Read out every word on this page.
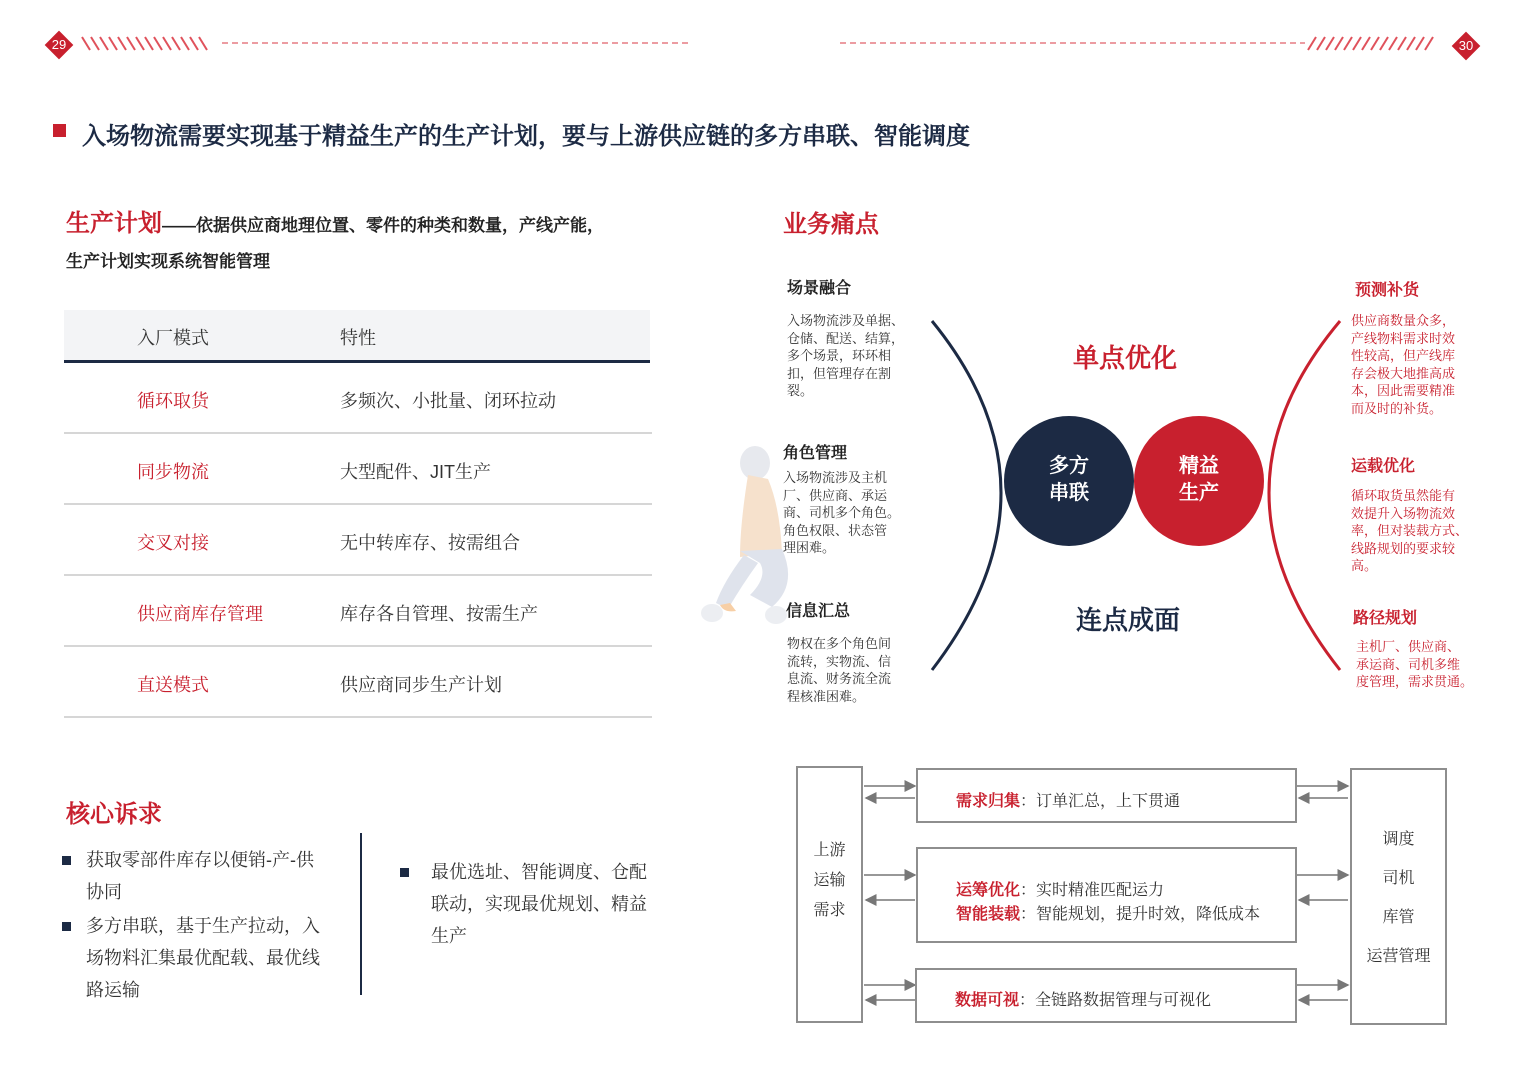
29	30
入场物流需要实现基于精益生产的生产计划，要与上游供应链的多方串联、智能调度
生产计划——依据供应商地理位置、零件的种类和数量，产线产能，
生产计划实现系统智能管理
入厂模式	特性
循环取货	多频次、小批量、闭环拉动
同步物流	大型配件、JIT生产
交叉对接	无中转库存、按需组合
供应商库存管理	库存各自管理、按需生产
直送模式	供应商同步生产计划
核心诉求
获取零部件库存以便销-产-供
协同
多方串联，基于生产拉动，入
场物料汇集最优配载、最优线
路运输
最优选址、智能调度、仓配
联动，实现最优规划、精益
生产
业务痛点
场景融合
入场物流涉及单据、
仓储、配送、结算，
多个场景，环环相
扣，但管理存在割
裂。
角色管理
入场物流涉及主机
厂、供应商、承运
商、司机多个角色。
角色权限、状态管
理困难。
信息汇总
物权在多个角色间
流转，实物流、信
息流、财务流全流
程核准困难。
单点优化
多方
串联
精益
生产
连点成面
预测补货
供应商数量众多，
产线物料需求时效
性较高，但产线库
存会极大地推高成
本，因此需要精准
而及时的补货。
运载优化
循环取货虽然能有
效提升入场物流效
率，但对装载方式、
线路规划的要求较
高。
路径规划
主机厂、供应商、
承运商、司机多维
度管理，需求贯通。
上游
运输
需求
调度
司机
库管
运营管理
需求归集：订单汇总，上下贯通
运筹优化：实时精准匹配运力
智能装载：智能规划，提升时效，降低成本
数据可视：全链路数据管理与可视化
